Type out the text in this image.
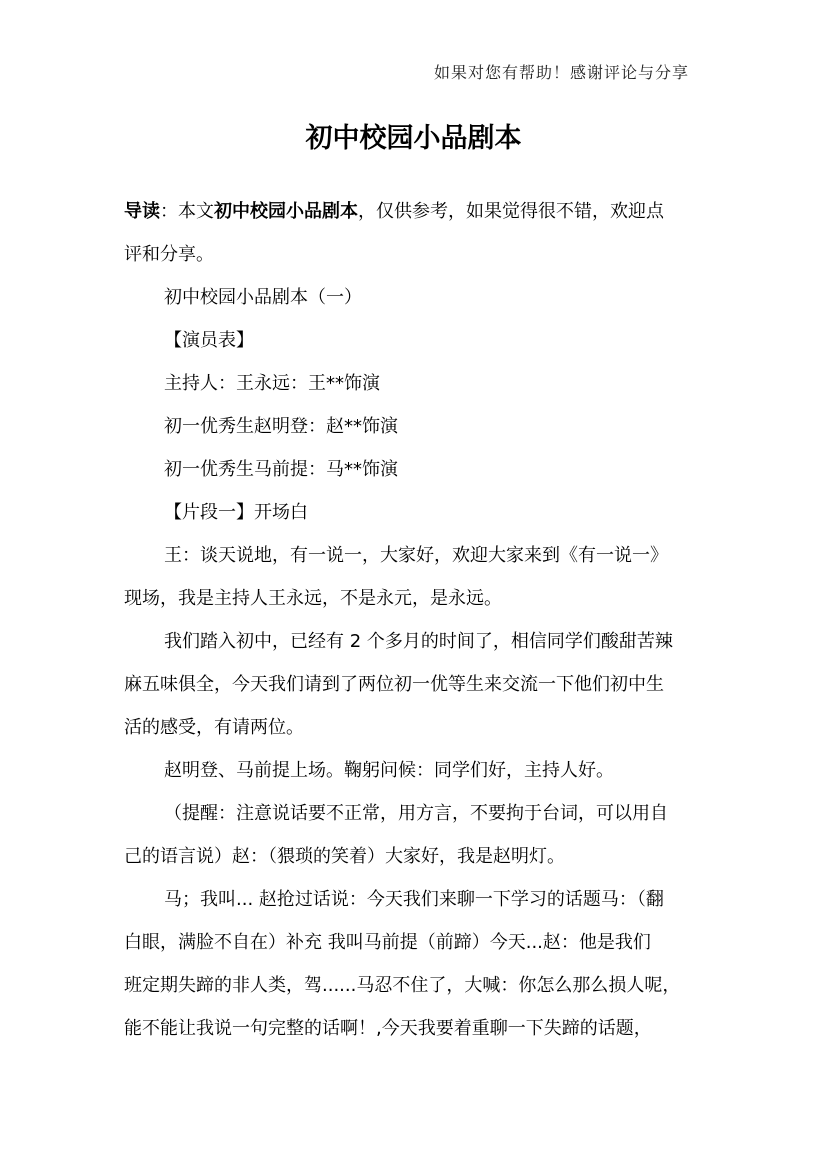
如果对您有帮助！感谢评论与分享
初中校园小品剧本

导读：本文初中校园小品剧本，仅供参考，如果觉得很不错，欢迎点
评和分享。

初中校园小品剧本（一）

【演员表】

主持人：王永远：王**饰演

初一优秀生赵明登：赵**饰演

初一优秀生马前提：马**饰演

【片段一】开场白

王：谈天说地，有一说一，大家好，欢迎大家来到《有一说一》
现场，我是主持人王永远，不是永元，是永远。

我们踏入初中，已经有 2 个多月的时间了，相信同学们酸甜苦辣
麻五味俱全，今天我们请到了两位初一优等生来交流一下他们初中生
活的感受，有请两位。

赵明登、马前提上场。鞠躬问候：同学们好，主持人好。

（提醒：注意说话要不正常，用方言，不要拘于台词，可以用自
己的语言说）赵：（猥琐的笑着）大家好，我是赵明灯。

马；我叫... 赵抢过话说：今天我们来聊一下学习的话题马：（翻
白眼，满脸不自在）补充 我叫马前提（前蹄）今天...赵：他是我们
班定期失蹄的非人类，驾......马忍不住了，大喊：你怎么那么损人呢，
能不能让我说一句完整的话啊！,今天我要着重聊一下失蹄的话题，
